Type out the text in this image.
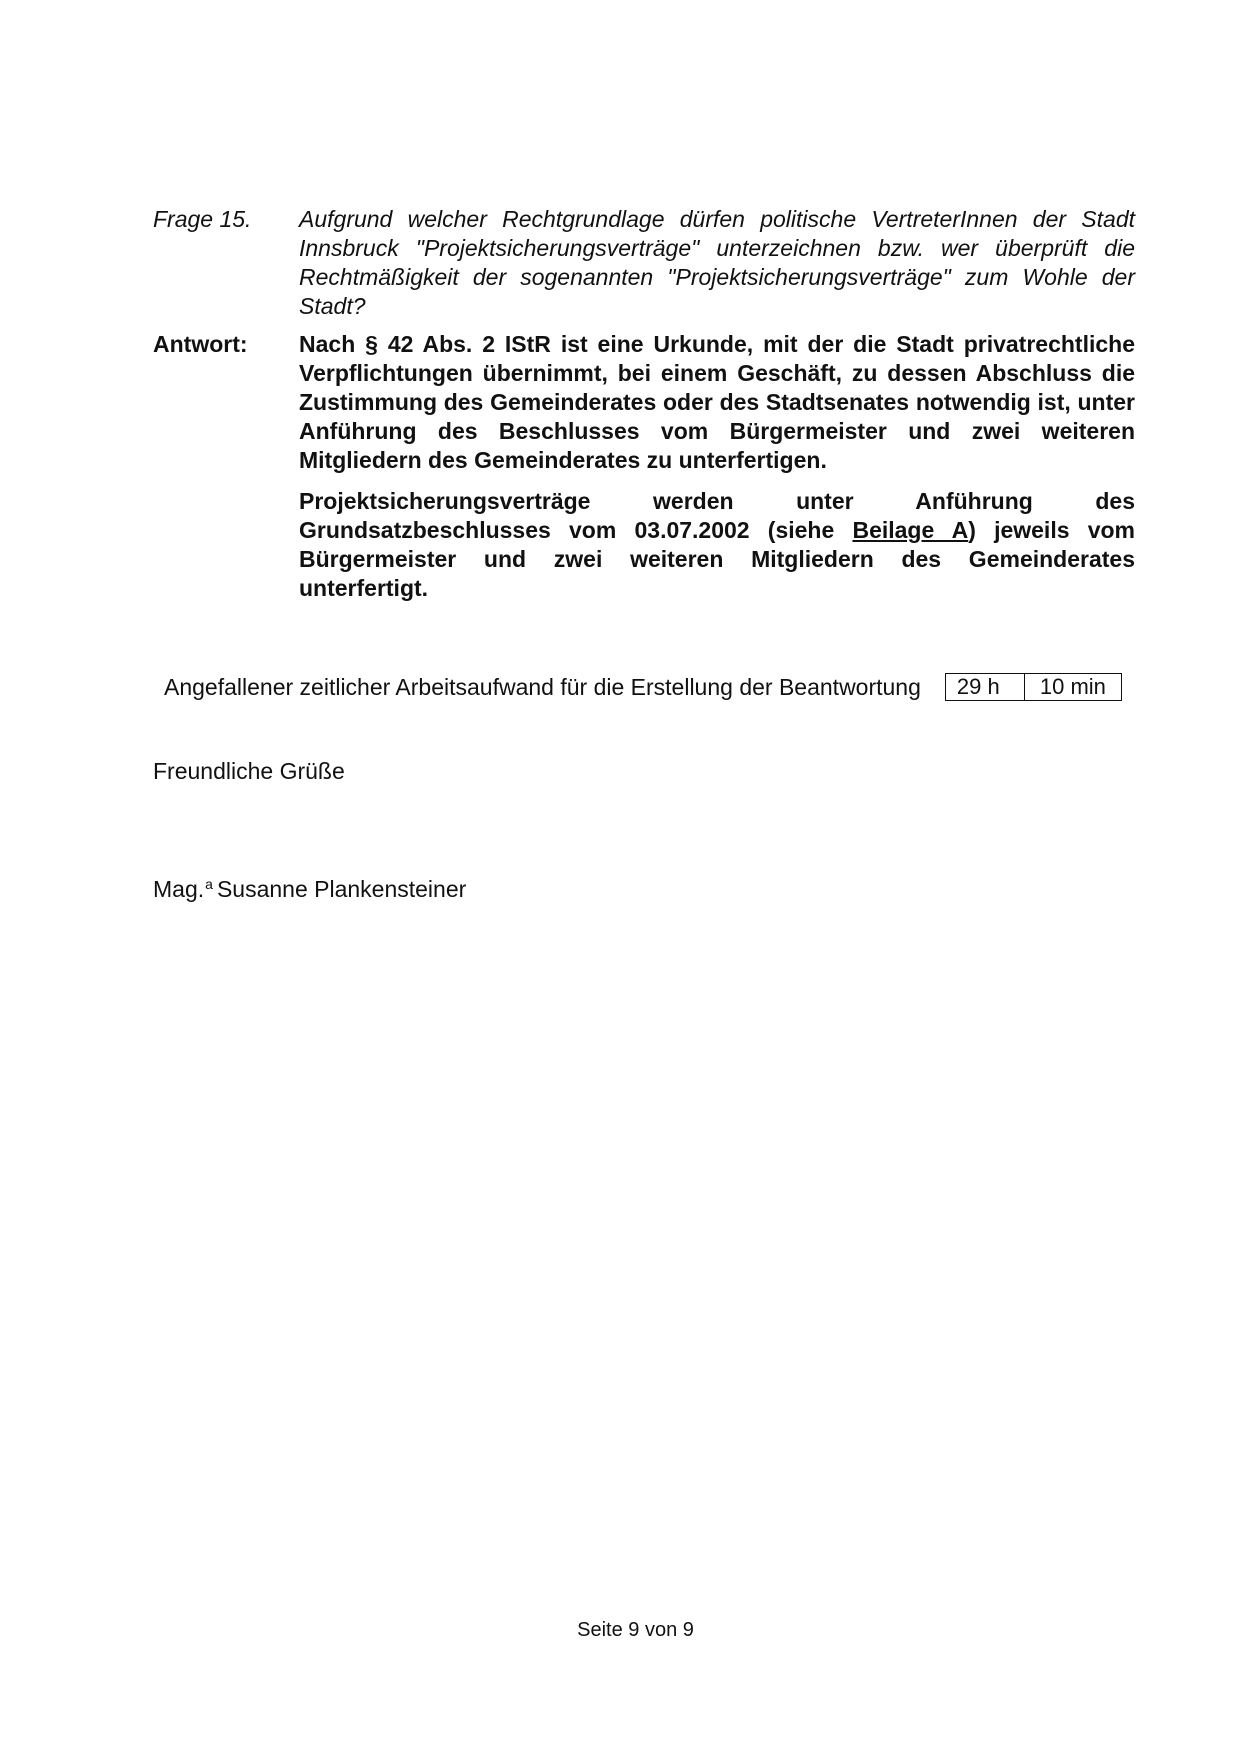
Frage 15.	Aufgrund welcher Rechtgrundlage dürfen politische VertreterInnen der Stadt Innsbruck "Projektsicherungsverträge" unterzeichnen bzw. wer überprüft die Rechtmäßigkeit der sogenannten "Projektsicherungsverträge" zum Wohle der Stadt?

Antwort:	Nach § 42 Abs. 2 IStR ist eine Urkunde, mit der die Stadt privatrechtliche Verpflichtungen übernimmt, bei einem Geschäft, zu dessen Abschluss die Zustimmung des Gemeinderates oder des Stadtsenates notwendig ist, unter Anführung des Beschlusses vom Bürgermeister und zwei weiteren Mitgliedern des Gemeinderates zu unterfertigen.

Projektsicherungsverträge werden unter Anführung des Grundsatzbeschlusses vom 03.07.2002 (siehe Beilage A) jeweils vom Bürgermeister und zwei weiteren Mitgliedern des Gemeinderates unterfertigt.

Angefallener zeitlicher Arbeitsaufwand für die Erstellung der Beantwortung	29 h	10 min
Freundliche Grüße
Mag.$^a$ Susanne Plankensteiner
Seite 9 von 9
